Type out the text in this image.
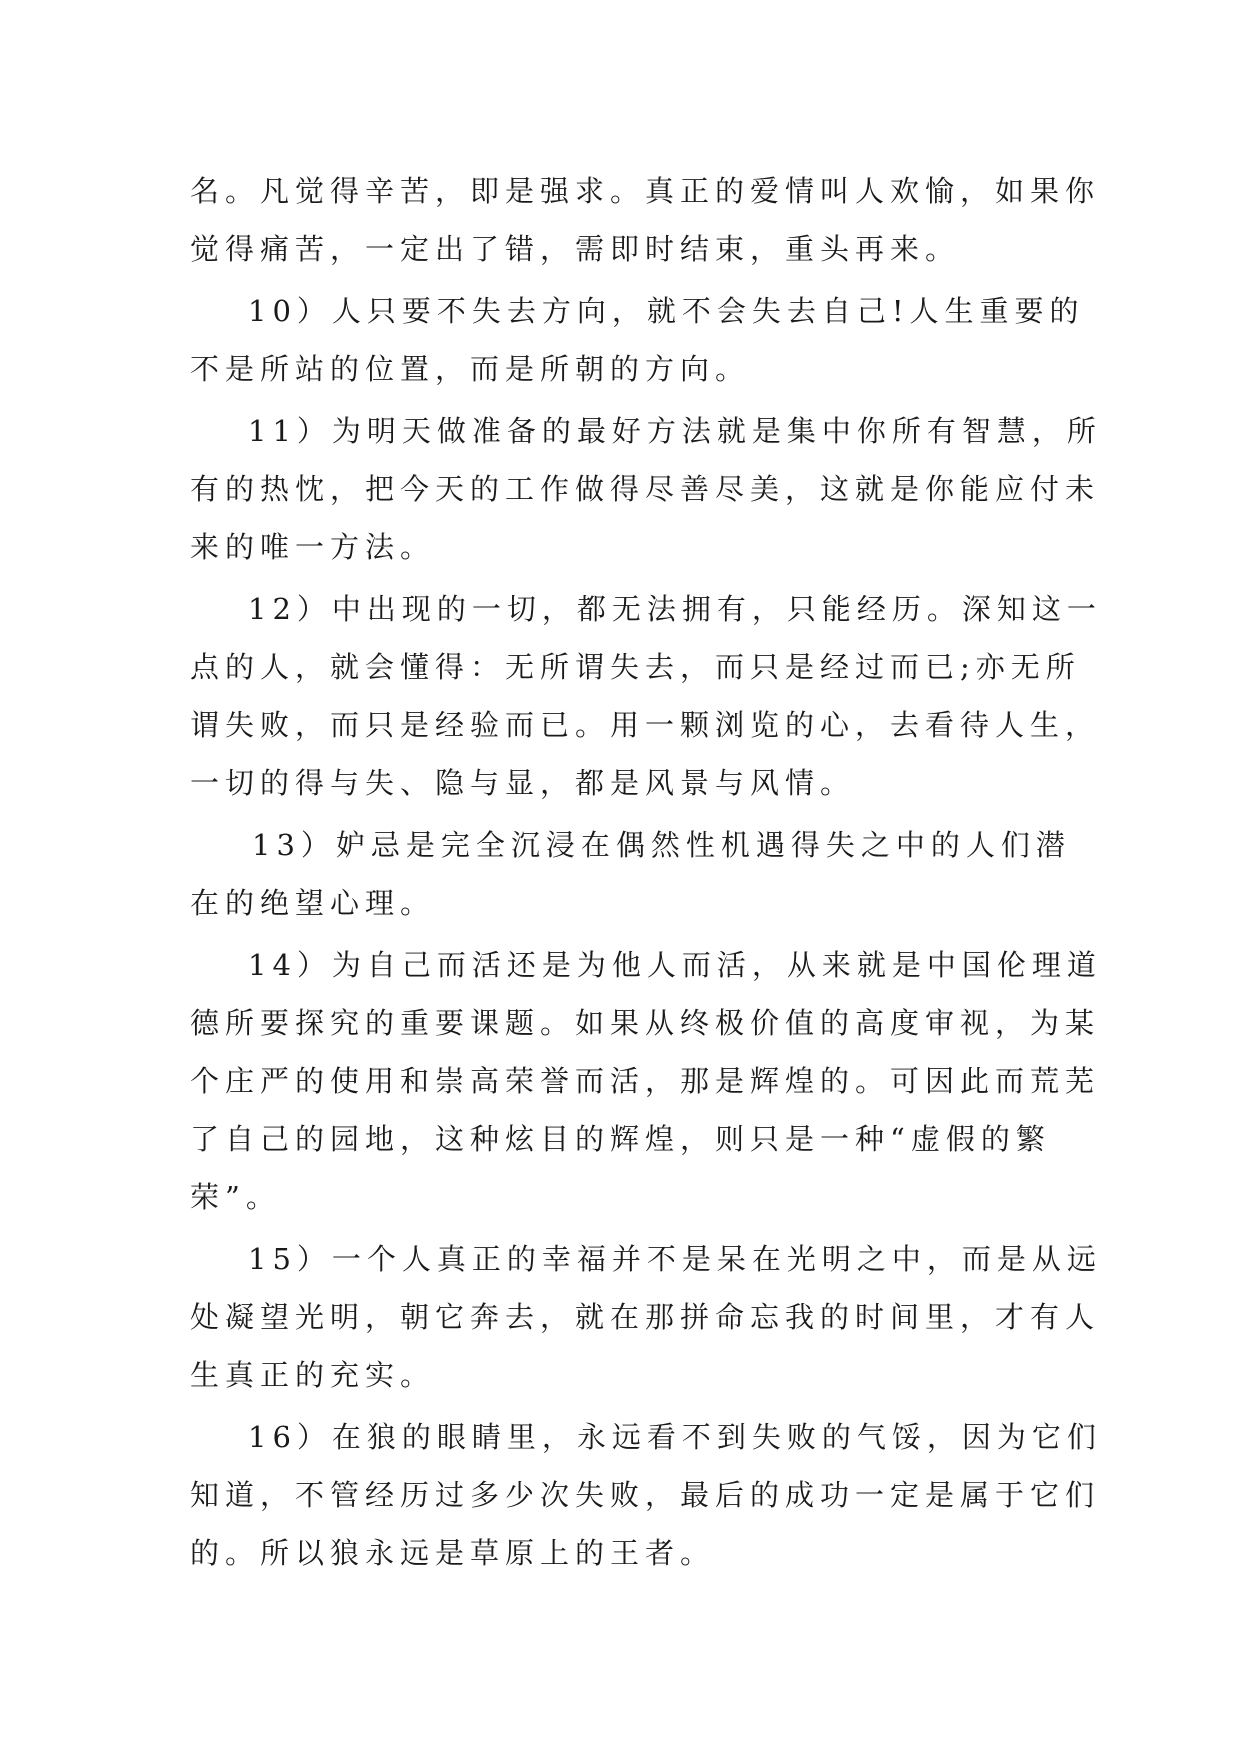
名。凡觉得辛苦，即是强求。真正的爱情叫人欢愉，如果你
觉得痛苦，一定出了错，需即时结束，重头再来。
10）人只要不失去方向，就不会失去自己!人生重要的
不是所站的位置，而是所朝的方向。
11）为明天做准备的最好方法就是集中你所有智慧，所
有的热忱，把今天的工作做得尽善尽美，这就是你能应付未
来的唯一方法。
12）中出现的一切，都无法拥有，只能经历。深知这一
点的人，就会懂得：无所谓失去，而只是经过而已;亦无所
谓失败，而只是经验而已。用一颗浏览的心，去看待人生，
一切的得与失、隐与显，都是风景与风情。
13）妒忌是完全沉浸在偶然性机遇得失之中的人们潜
在的绝望心理。
14）为自己而活还是为他人而活，从来就是中国伦理道
德所要探究的重要课题。如果从终极价值的高度审视，为某
个庄严的使用和崇高荣誉而活，那是辉煌的。可因此而荒芜
了自己的园地，这种炫目的辉煌，则只是一种“虚假的繁
荣”。
15）一个人真正的幸福并不是呆在光明之中，而是从远
处凝望光明，朝它奔去，就在那拼命忘我的时间里，才有人
生真正的充实。
16）在狼的眼睛里，永远看不到失败的气馁，因为它们
知道，不管经历过多少次失败，最后的成功一定是属于它们
的。所以狼永远是草原上的王者。
